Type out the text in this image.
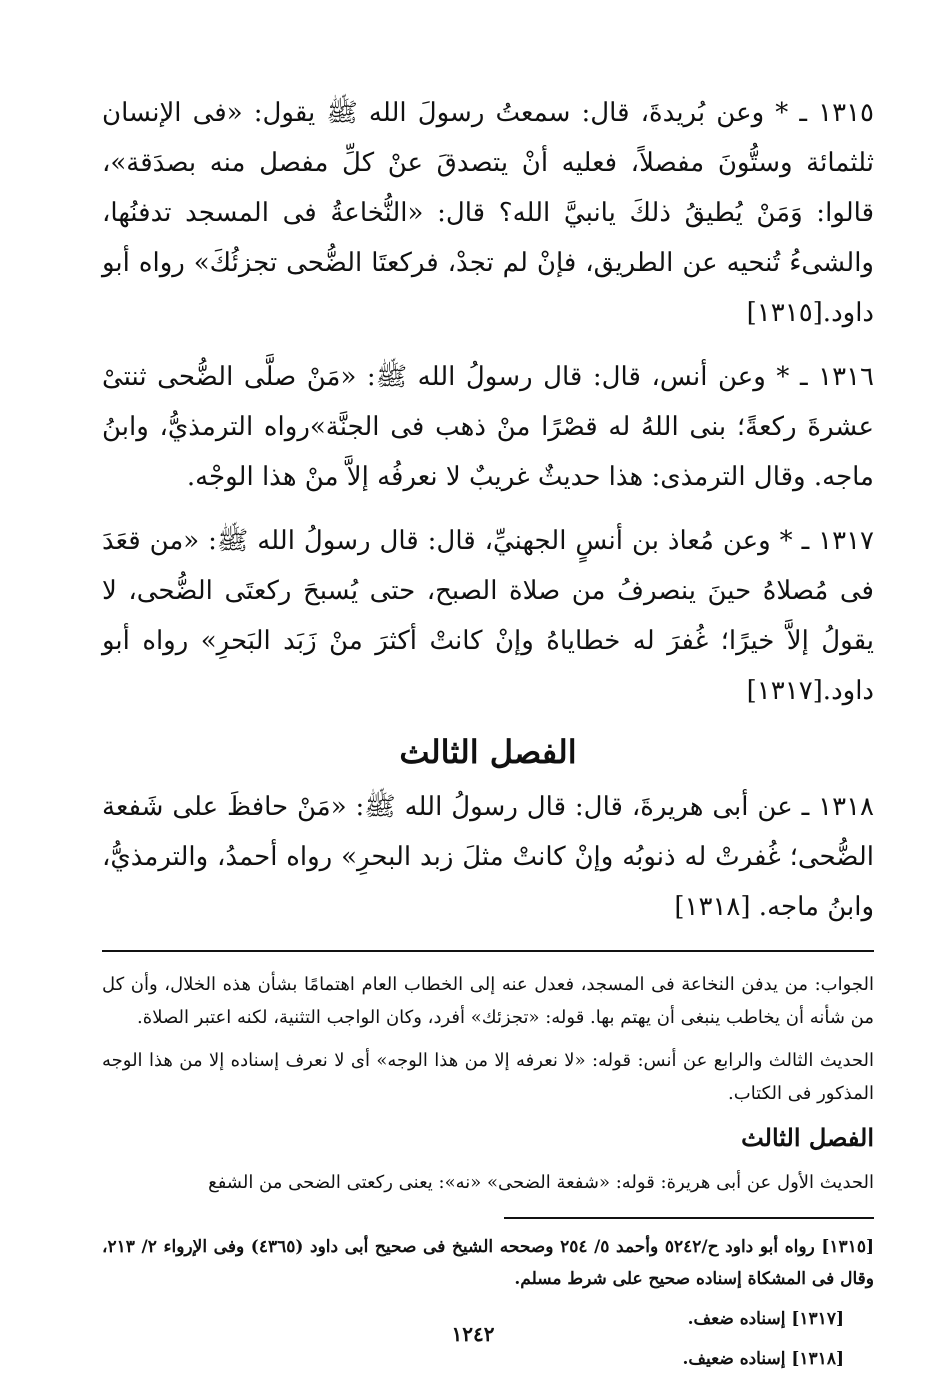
١٣١٥ ـ * وعن بُريدةَ، قال: سمعتُ رسولَ الله ﷺ يقول: «فى الإنسان ثلثمائة وستُّونَ مفصلاً، فعليه أنْ يتصدقَ عنْ كلِّ مفصل منه بصدَقة»، قالوا: وَمَنْ يُطيقُ ذلكَ يانبيَّ الله؟ قال: «النُّخاعةُ فى المسجد تدفنُها، والشىءُ تُنحيه عن الطريق، فإنْ لم تجدْ، فركعتَا الضُّحى تجزئُكَ» رواه أبو داود.[١٣١٥]

١٣١٦ ـ * وعن أنس، قال: قال رسولُ الله ﷺ: «مَنْ صلَّى الضُّحى ثنتىْ عشرةَ ركعةً؛ بنى اللهُ له قصْرًا منْ ذهب فى الجنَّة»رواه الترمذيُّ، وابنُ ماجه. وقال الترمذى: هذا حديثٌ غريبٌ لا نعرفُه إلاَّ منْ هذا الوجْه.

١٣١٧ ـ * وعن مُعاذ بن أنسٍ الجهنيِّ، قال: قال رسولُ الله ﷺ: «من قعَدَ فى مُصلاهُ حينَ ينصرفُ من صلاة الصبح، حتى يُسبحَ ركعتَى الضُّحى، لا يقولُ إلاَّ خيرًا؛ غُفرَ له خطاياهُ وإنْ كانتْ أكثرَ منْ زَبَد البَحرِ» رواه أبو داود.[١٣١٧]

الفصل الثالث

١٣١٨ ـ عن أبى هريرةَ، قال: قال رسولُ الله ﷺ: «مَنْ حافظَ على شَفعة الضُّحى؛ غُفرتْ له ذنوبُه وإنْ كانتْ مثلَ زبد البحرِ» رواه أحمدُ، والترمذيُّ، وابنُ ماجه. [١٣١٨]

الجواب: من يدفن النخاعة فى المسجد، فعدل عنه إلى الخطاب العام اهتمامًا بشأن هذه الخلال، وأن كل من شأنه أن يخاطب ينبغى أن يهتم بها. قوله: «تجزئك» أفرد، وكان الواجب التثنية، لكنه اعتبر الصلاة.

الحديث الثالث والرابع عن أنس: قوله: «لا نعرفه إلا من هذا الوجه» أى لا نعرف إسناده إلا من هذا الوجه المذكور فى الكتاب.

الفصل الثالث

الحديث الأول عن أبى هريرة: قوله: «شفعة الضحى» «نه»: يعنى ركعتى الضحى من الشفع

[١٣١٥] رواه أبو داود ح/٥٢٤٢ وأحمد ٥/ ٢٥٤ وصححه الشيخ فى صحيح أبى داود (٤٣٦٥) وفى الإرواء ٢/ ٢١٣، وقال فى المشكاة إسناده صحيح على شرط مسلم.

[١٣١٧] إسناده ضعف.

[١٣١٨] إسناده ضعيف.

١٢٤٢
